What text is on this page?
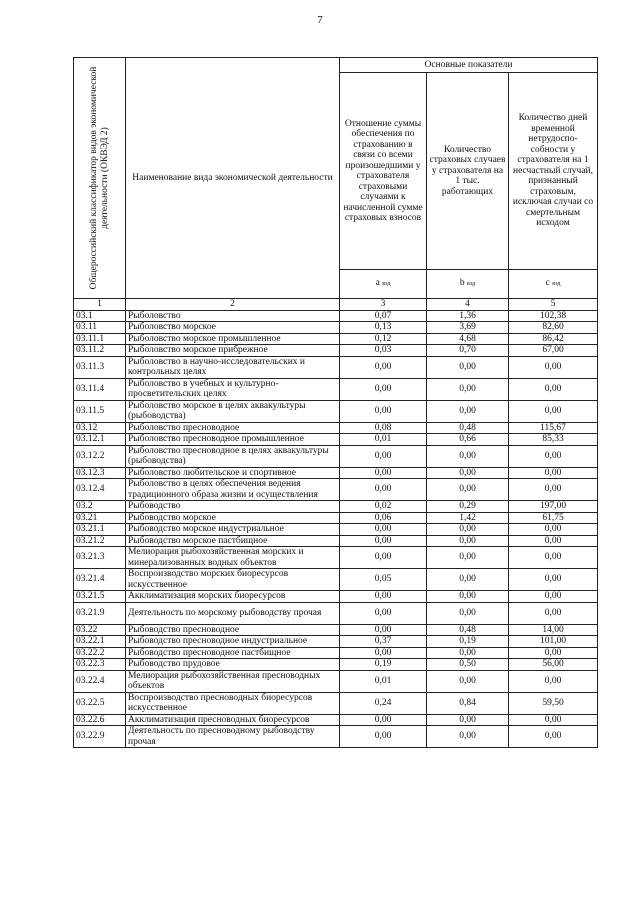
7
Общероссийский классификатор видов экономической деятельности (ОКВЭД 2)	Наименование вида экономической деятельности	Основные показатели		
		Отношение суммы обеспечения по страхованию в связи со всеми произошедшими у страхователя страховыми случаями к начисленной сумме страховых взносов	Количество страховых случаев у страхователя на 1 тыс. работающих	Количество дней временной нетрудоспо-собности у страхователя на 1 несчастный случай, признанный страховым, исключая случаи со смертельным исходом
		a вэд	b вэд	c вэд
1	2	3	4	5
03.1	Рыболовство	0,07	1,36	102,38
03.11	Рыболовство морское	0,13	3,69	82,60
03.11.1	Рыболовство морское промышленное	0,12	4,68	86,42
03.11.2	Рыболовство морское прибрежное	0,03	0,70	67,00
03.11.3	Рыболовство в научно-исследовательских и контрольных целях	0,00	0,00	0,00
03.11.4	Рыболовство в учебных и культурно-просветительских целях	0,00	0,00	0,00
03.11.5	Рыболовство морское в целях аквакультуры (рыбоводства)	0,00	0,00	0,00
03.12	Рыболовство пресноводное	0,08	0,48	115,67
03.12.1	Рыболовство пресноводное промышленное	0,01	0,66	85,33
03.12.2	Рыболовство пресноводное в целях аквакультуры (рыбоводства)	0,00	0,00	0,00
03.12.3	Рыболовство любительское и спортивное	0,00	0,00	0,00
03.12.4	Рыболовство в целях обеспечения ведения традиционного образа жизни и осуществления	0,00	0,00	0,00
03.2	Рыбоводство	0,02	0,29	197,00
03.21	Рыбоводство морское	0,06	1,42	61,75
03.21.1	Рыбоводство морское индустриальное	0,00	0,00	0,00
03.21.2	Рыбоводство морское пастбищное	0,00	0,00	0,00
03.21.3	Мелиорация рыбохозяйственная морских и минерализованных водных объектов	0,00	0,00	0,00
03.21.4	Воспроизводство морских биоресурсов искусственное	0,05	0,00	0,00
03.21.5	Акклиматизация морских биоресурсов	0,00	0,00	0,00
03.21.9	Деятельность по морскому рыбоводству прочая	0,00	0,00	0,00
03.22	Рыбоводство пресноводное	0,00	0,48	14,00
03.22.1	Рыбоводство пресноводное индустриальное	0,37	0,19	101,00
03.22.2	Рыбоводство пресноводное пастбищное	0,00	0,00	0,00
03.22.3	Рыбоводство прудовое	0,19	0,50	56,00
03.22.4	Мелиорация рыбохозяйственная пресноводных объектов	0,01	0,00	0,00
03.22.5	Воспроизводство пресноводных биоресурсов искусственное	0,24	0,84	59,50
03.22.6	Акклиматизация пресноводных биоресурсов	0,00	0,00	0,00
03.22.9	Деятельность по пресноводному рыбоводству прочая	0,00	0,00	0,00
